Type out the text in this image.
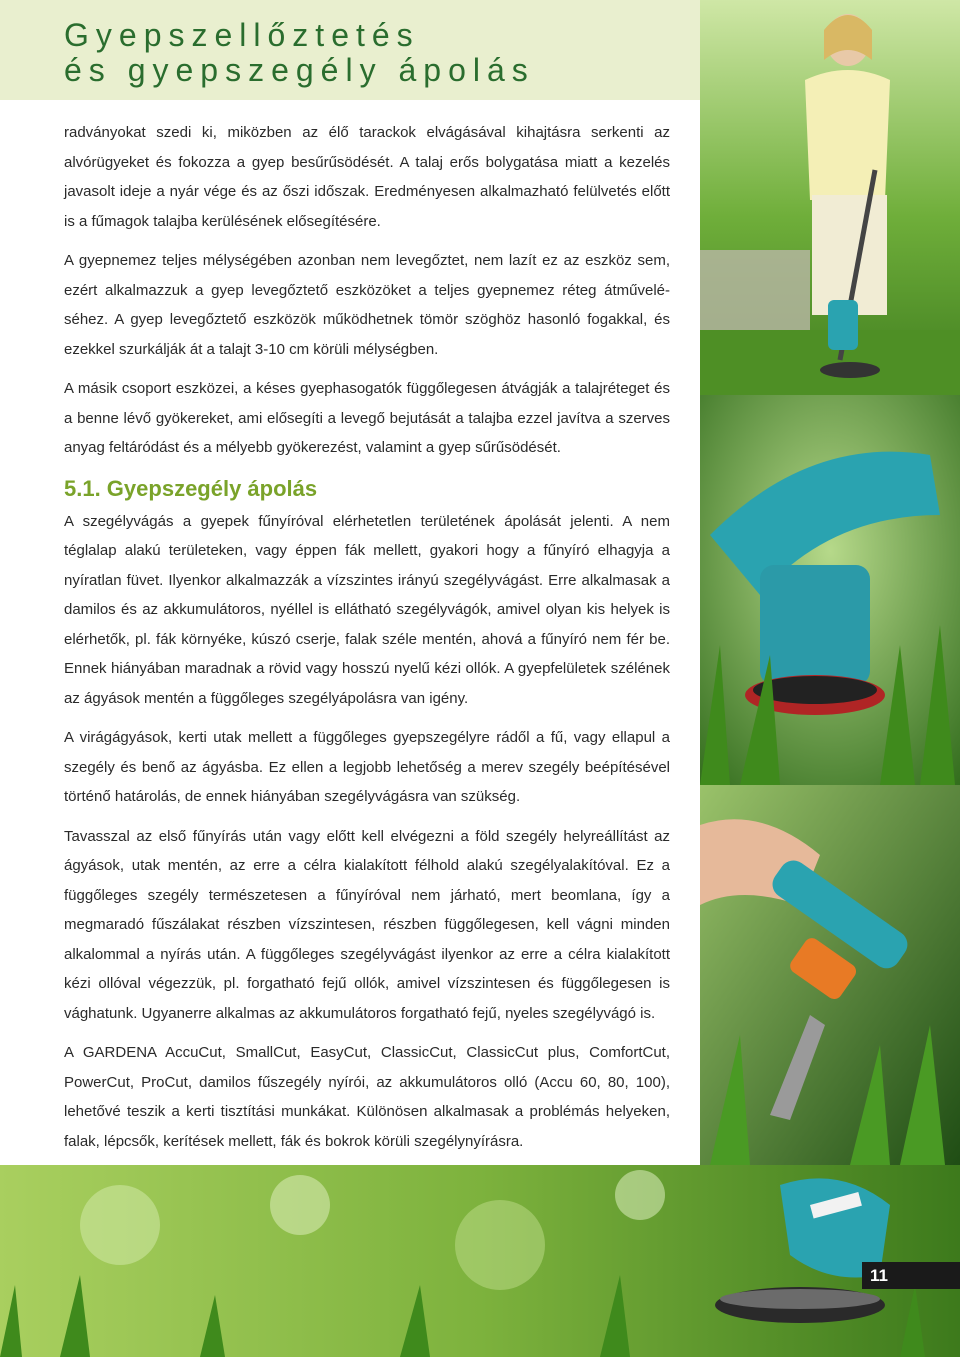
Gyepszellőztetés
és gyepszegély ápolás

radványokat szedi ki, miközben az élő tarackok elvágásával kihajtásra serkenti az alvórügyeket és fokozza a gyep besűrűsödését. A talaj erős bolygatása miatt a kezelés javasolt ideje a nyár vége és az őszi időszak. Eredményesen alkalmazható felülvetés előtt is a fűmagok talajba kerülésének elősegítésére.

A gyepnemez teljes mélységében azonban nem levegőztet, nem lazít ez az eszköz sem, ezért alkalmazzuk a gyep levegőztető eszközöket a teljes gyepnemez réteg átműveléséhez. A gyep levegőztető eszközök működhetnek tömör szöghöz hasonló fogakkal, és ezekkel szurkálják át a talajt 3-10 cm körüli mélységben.

A másik csoport eszközei, a késes gyephasogatók függőlegesen átvágják a talajréteget és a benne lévő gyökereket, ami elősegíti a levegő bejutását a talajba ezzel javítva a szerves anyag feltáródást és a mélyebb gyökerezést, valamint a gyep sűrűsödését.

5.1. Gyepszegély ápolás

A szegélyvágás a gyepek fűnyíróval elérhetetlen területének ápolását jelenti. A nem téglalap alakú területeken, vagy éppen fák mellett, gyakori hogy a fűnyíró elhagyja a nyíratlan füvet. Ilyenkor alkalmazzák a vízszintes irányú szegélyvágást. Erre alkalmasak a damilos és az akkumulátoros, nyéllel is ellátható szegélyvágók, amivel olyan kis helyek is elérhetők, pl. fák környéke, kúszó cserje, falak széle mentén, ahová a fűnyíró nem fér be. Ennek hiányában maradnak a rövid vagy hosszú nyelű kézi ollók. A gyepfelületek szélének az ágyások mentén a függőleges szegélyápolásra van igény.

A virágágyások, kerti utak mellett a függőleges gyepszegélyre rádől a fű, vagy ellapul a szegély és benő az ágyásba. Ez ellen a legjobb lehetőség a merev szegély beépítésével történő határolás, de ennek hiányában szegélyvágásra van szükség.

Tavasszal az első fűnyírás után vagy előtt kell elvégezni a föld szegély helyreállítást az ágyások, utak mentén, az erre a célra kialakított félhold alakú szegélyalakítóval. Ez a függőleges szegély természetesen a fűnyíróval nem járható, mert beomlana, így a megmaradó fűszálakat részben vízszintesen, részben függőlegesen, kell vágni minden alkalommal a nyírás után. A függőleges szegélyvágást ilyenkor az erre a célra kialakított kézi ollóval végezzük, pl. forgatható fejű ollók, amivel vízszintesen és függőlegesen is vághatunk. Ugyanerre alkalmas az akkumulátoros forgatható fejű, nyeles szegélyvágó is.

A GARDENA AccuCut, SmallCut, EasyCut, ClassicCut, ClassicCut plus, ComfortCut, PowerCut, ProCut, damilos fűszegély nyírói, az akkumulátoros olló (Accu 60, 80, 100), lehetővé teszik a kerti tisztítási munkákat. Különösen alkalmasak a problémás helyeken, falak, lépcsők, kerítések mellett, fák és bokrok körüli szegélynyírásra.

11
